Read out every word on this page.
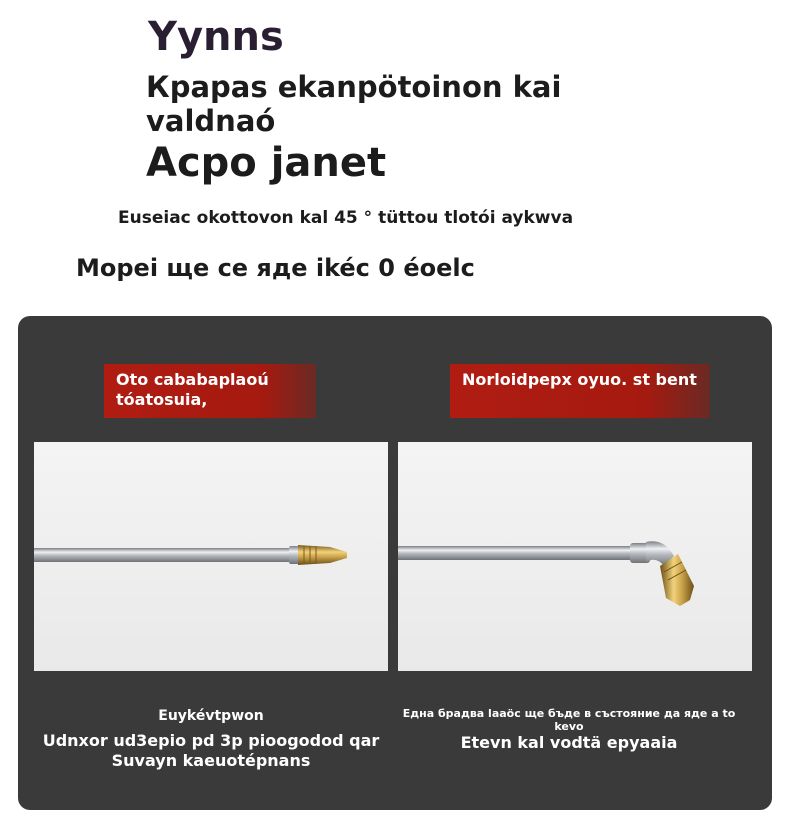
Yynns
Кpapas ekanpötoinon kai valdnaó
Acpo janet
Euseiac okottovon kal 45 ° tüttou tlotói aykwva
Mopei ще се яде ikéc 0 éoelc
Oto cababaplaoú tóatosuia,
Norloidpepx oyuo. st bent
Euykévtpwon
Udnxor ud3epio pd 3p pioogodod qar Suvayn kaeuotépnans
Една брадва laaöc ще бъде в състояние да яде a to kevo
Etevn kal vodtä epyaaia
